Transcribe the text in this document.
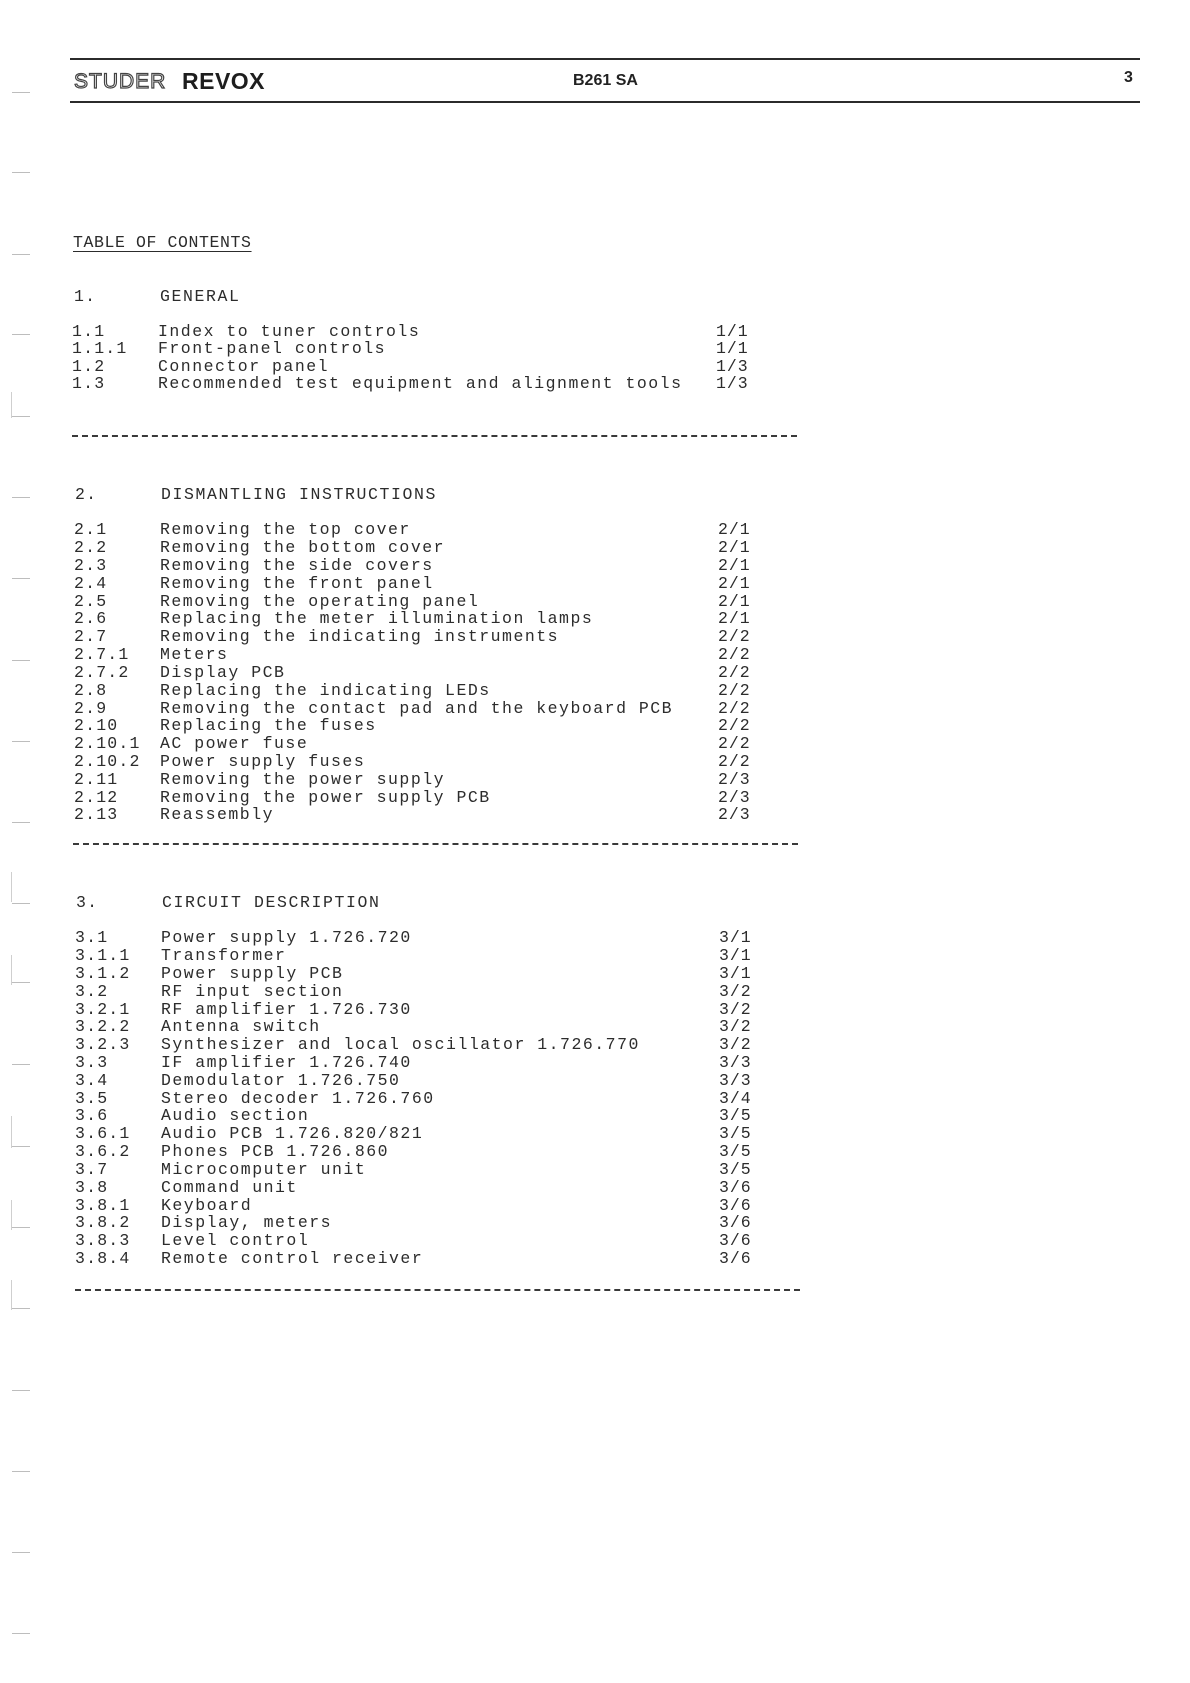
STUDER REVOX	B261 SA	3
TABLE OF CONTENTS
1.	GENERAL
1.1	Index to tuner controls	1/1
1.1.1 Front-panel controls	1/1
1.2	Connector panel	1/3
1.3	Recommended test equipment and alignment tools 1/3
2.	DISMANTLING INSTRUCTIONS
2.1	Removing the top cover	2/1
2.2	Removing the bottom cover	2/1
2.3	Removing the side covers	2/1
2.4	Removing the front panel	2/1
2.5	Removing the operating panel	2/1
2.6	Replacing the meter illumination lamps	2/1
2.7	Removing the indicating instruments	2/2
2.7.1 Meters	2/2
2.7.2 Display PCB	2/2
2.8	Replacing the indicating LEDs	2/2
2.9	Removing the contact pad and the keyboard PCB	2/2
2.10	Replacing the fuses	2/2
2.10.1 AC power fuse	2/2
2.10.2 Power supply fuses	2/2
2.11	Removing the power supply	2/3
2.12	Removing the power supply PCB	2/3
2.13	Reassembly	2/3
3.	CIRCUIT DESCRIPTION
3.1	Power supply 1.726.720	3/1
3.1.1 Transformer	3/1
3.1.2 Power supply PCB	3/1
3.2	RF input section	3/2
3.2.1 RF amplifier 1.726.730	3/2
3.2.2 Antenna switch	3/2
3.2.3 Synthesizer and local oscillator 1.726.770	3/2
3.3	IF amplifier 1.726.740	3/3
3.4	Demodulator 1.726.750	3/3
3.5	Stereo decoder 1.726.760	3/4
3.6	Audio section	3/5
3.6.1 Audio PCB 1.726.820/821	3/5
3.6.2 Phones PCB 1.726.860	3/5
3.7	Microcomputer unit	3/5
3.8	Command unit	3/6
3.8.1 Keyboard	3/6
3.8.2 Display, meters	3/6
3.8.3 Level control	3/6
3.8.4 Remote control receiver	3/6
